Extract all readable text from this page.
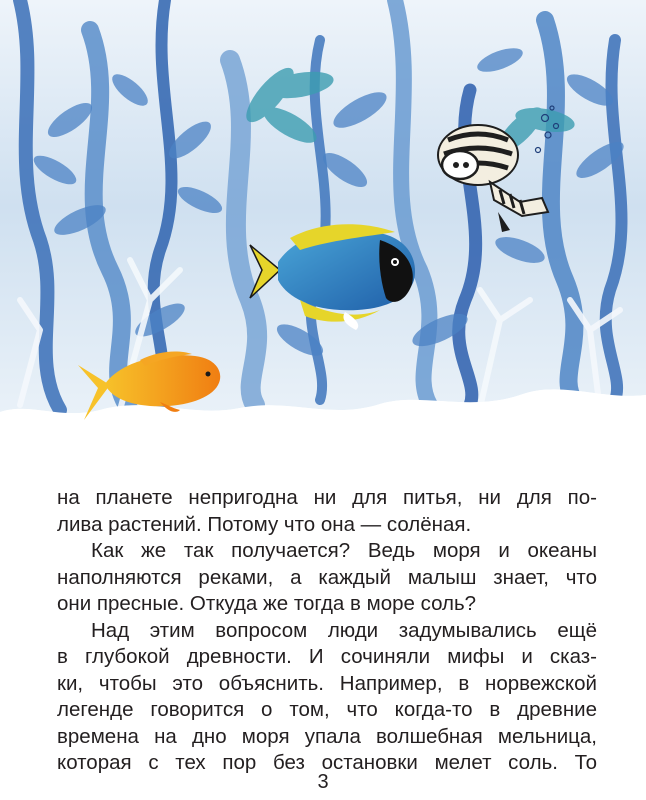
на планете непригодна ни для питья, ни для по-

лива растений. Потому что она — солёная.

Как же так получается? Ведь моря и океаны

наполняются реками, а каждый малыш знает, что

они пресные. Откуда же тогда в море соль?

Над этим вопросом люди задумывались ещё

в глубокой древности. И сочиняли мифы и сказ-

ки, чтобы это объяснить. Например, в норвежской

легенде говорится о том, что когда-то в древние

времена на дно моря упала волшебная мельница,

которая с тех пор без остановки мелет соль. То

3
